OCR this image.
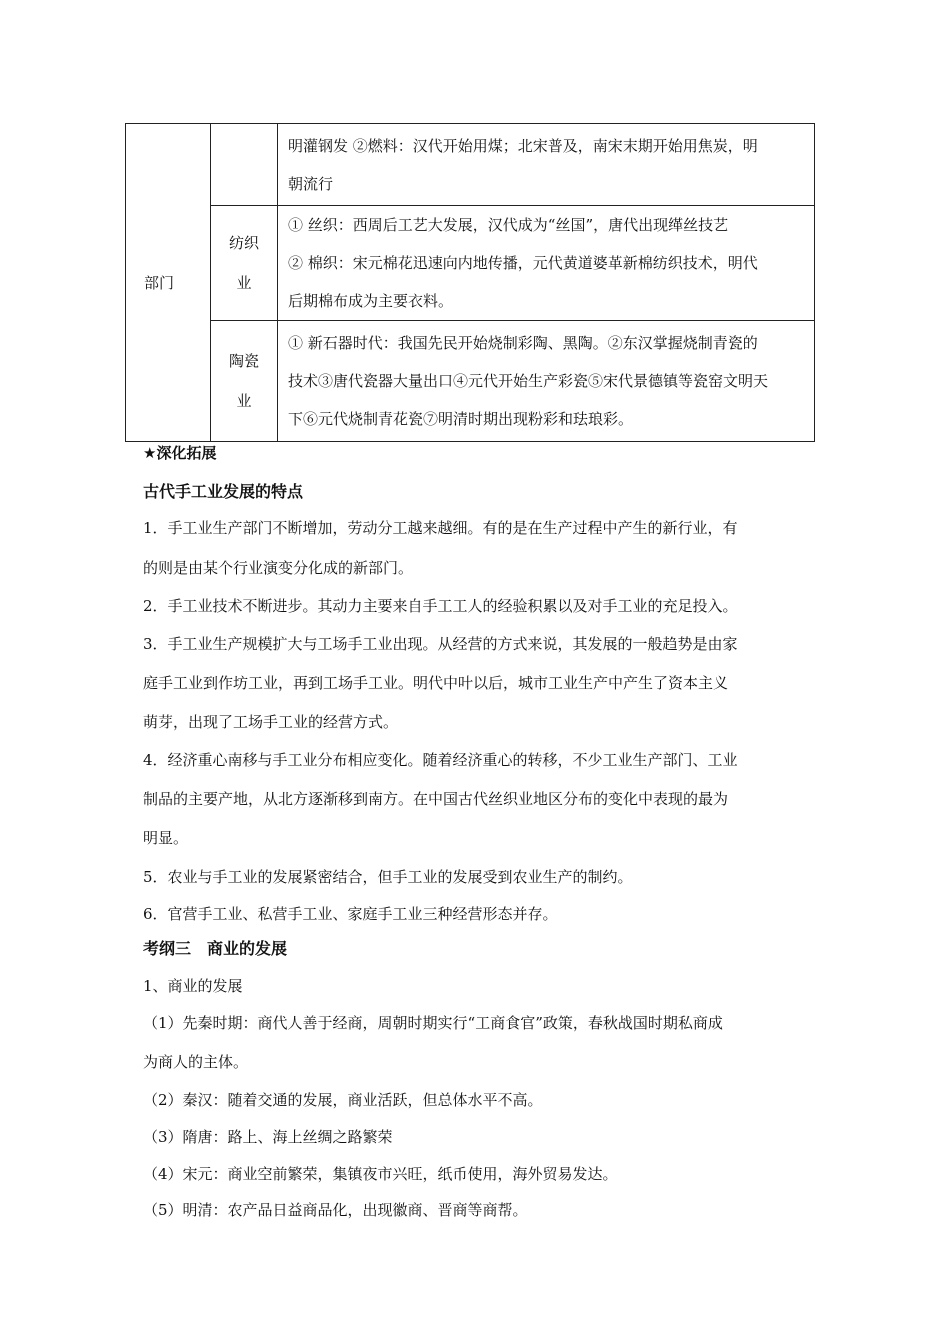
部门		明灌钢发 ②燃料：汉代开始用煤；北宋普及，南宋末期开始用焦炭，明
朝流行

	纺织
业	① 丝织：西周后工艺大发展，汉代成为“丝国”，唐代出现缂丝技艺
② 棉织：宋元棉花迅速向内地传播，元代黄道婆革新棉纺织技术，明代
后期棉布成为主要衣料。

	陶瓷
业	① 新石器时代：我国先民开始烧制彩陶、黑陶。②东汉掌握烧制青瓷的
技术③唐代瓷器大量出口④元代开始生产彩瓷⑤宋代景德镇等瓷窑文明天
下⑥元代烧制青花瓷⑦明清时期出现粉彩和珐琅彩。
★深化拓展
古代手工业发展的特点
1．手工业生产部门不断增加，劳动分工越来越细。有的是在生产过程中产生的新行业，有
的则是由某个行业演变分化成的新部门。
2．手工业技术不断进步。其动力主要来自手工工人的经验积累以及对手工业的充足投入。
3．手工业生产规模扩大与工场手工业出现。从经营的方式来说，其发展的一般趋势是由家
庭手工业到作坊工业，再到工场手工业。明代中叶以后，城市工业生产中产生了资本主义
萌芽，出现了工场手工业的经营方式。
4．经济重心南移与手工业分布相应变化。随着经济重心的转移，不少工业生产部门、工业
制品的主要产地，从北方逐渐移到南方。在中国古代丝织业地区分布的变化中表现的最为
明显。
5．农业与手工业的发展紧密结合，但手工业的发展受到农业生产的制约。
6．官营手工业、私营手工业、家庭手工业三种经营形态并存。
考纲三　商业的发展
1、商业的发展
（1）先秦时期：商代人善于经商，周朝时期实行“工商食官”政策，春秋战国时期私商成
为商人的主体。
（2）秦汉：随着交通的发展，商业活跃，但总体水平不高。
（3）隋唐：路上、海上丝绸之路繁荣
（4）宋元：商业空前繁荣，集镇夜市兴旺，纸币使用，海外贸易发达。
（5）明清：农产品日益商品化，出现徽商、晋商等商帮。
